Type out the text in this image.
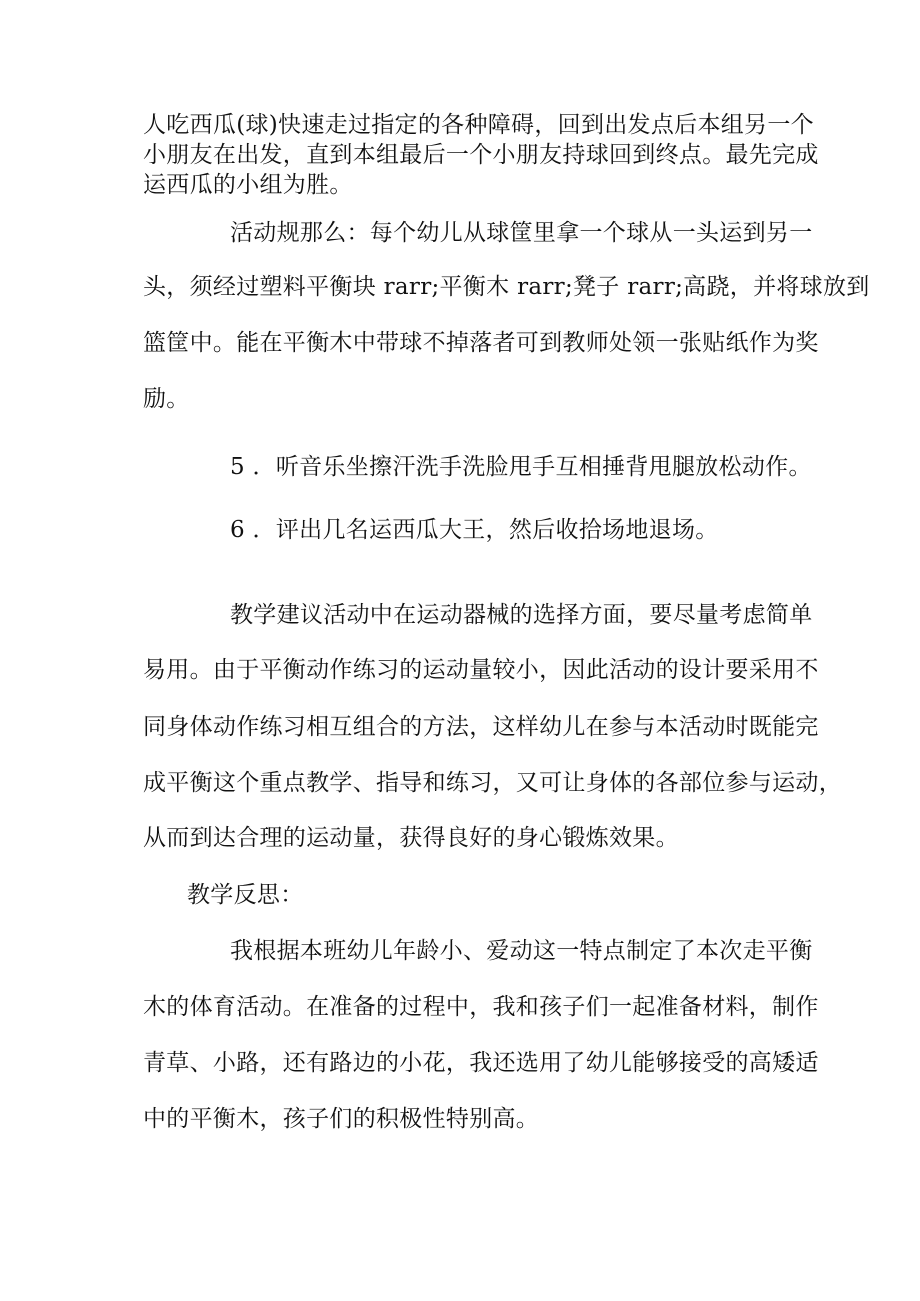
人吃西瓜(球)快速走过指定的各种障碍，回到出发点后本组另一个
小朋友在出发，直到本组最后一个小朋友持球回到终点。最先完成
运西瓜的小组为胜。
活动规那么：每个幼儿从球筐里拿一个球从一头运到另一
头，须经过塑料平衡块 rarr;平衡木 rarr;凳子 rarr;高跷，并将球放到
篮筐中。能在平衡木中带球不掉落者可到教师处领一张贴纸作为奖
励。
5 ．听音乐坐擦汗洗手洗脸甩手互相捶背甩腿放松动作。
6 ．评出几名运西瓜大王，然后收拾场地退场。
教学建议活动中在运动器械的选择方面，要尽量考虑简单
易用。由于平衡动作练习的运动量较小，因此活动的设计要采用不
同身体动作练习相互组合的方法，这样幼儿在参与本活动时既能完
成平衡这个重点教学、指导和练习，又可让身体的各部位参与运动，
从而到达合理的运动量，获得良好的身心锻炼效果。
教学反思：
我根据本班幼儿年龄小、爱动这一特点制定了本次走平衡
木的体育活动。在准备的过程中，我和孩子们一起准备材料，制作
青草、小路，还有路边的小花，我还选用了幼儿能够接受的高矮适
中的平衡木，孩子们的积极性特别高。
